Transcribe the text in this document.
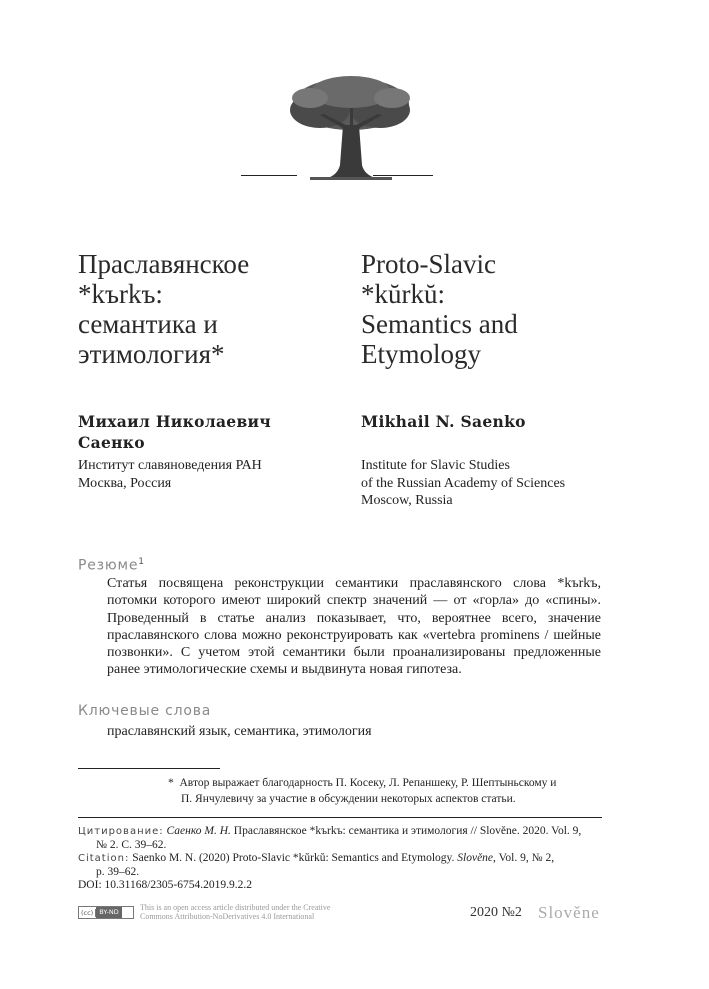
Праславянское
*kъrkъ:
семантика и
этимология*
Proto-Slavic
*kŭrkŭ:
Semantics and
Etymology
Михаил Николаевич
Саенко
Mikhail N. Saenko
Институт славяноведения РАН
Москва, Россия
Institute for Slavic Studies
of the Russian Academy of Sciences
Moscow, Russia
Резюме$^1$
Статья посвящена реконструкции семантики праславянского слова *kъrkъ, потомки которого имеют широкий спектр значений — от «горла» до «спины». Проведенный в статье анализ показывает, что, вероятнее всего, значение праславянского слова можно реконструировать как «vertebra prominens / шейные позвонки». С учетом этой семантики были проанализированы предложенные ранее этимологические схемы и выдвинута новая гипотеза.
Ключевые слова
праславянский язык, семантика, этимология
* Автор выражает благодарность П. Косеку, Л. Репаншеку, Р. Шептыньскому и
П. Янчулевичу за участие в обсуждении некоторых аспектов статьи.
Цитирование: Саенко М. Н. Праславянское *kъrkъ: семантика и этимология // Slověne. 2020. Vol. 9,
№ 2. С. 39–62.
Citation: Saenko M. N. (2020) Proto-Slavic *kŭrkŭ: Semantics and Etymology. Slověne, Vol. 9, № 2,
p. 39–62.
DOI: 10.31168/2305-6754.2019.9.2.2
(cc) BY-ND	This is an open access article distributed under the Creative
Commons Attribution-NoDerivatives 4.0 International	2020 №2 Slověne
